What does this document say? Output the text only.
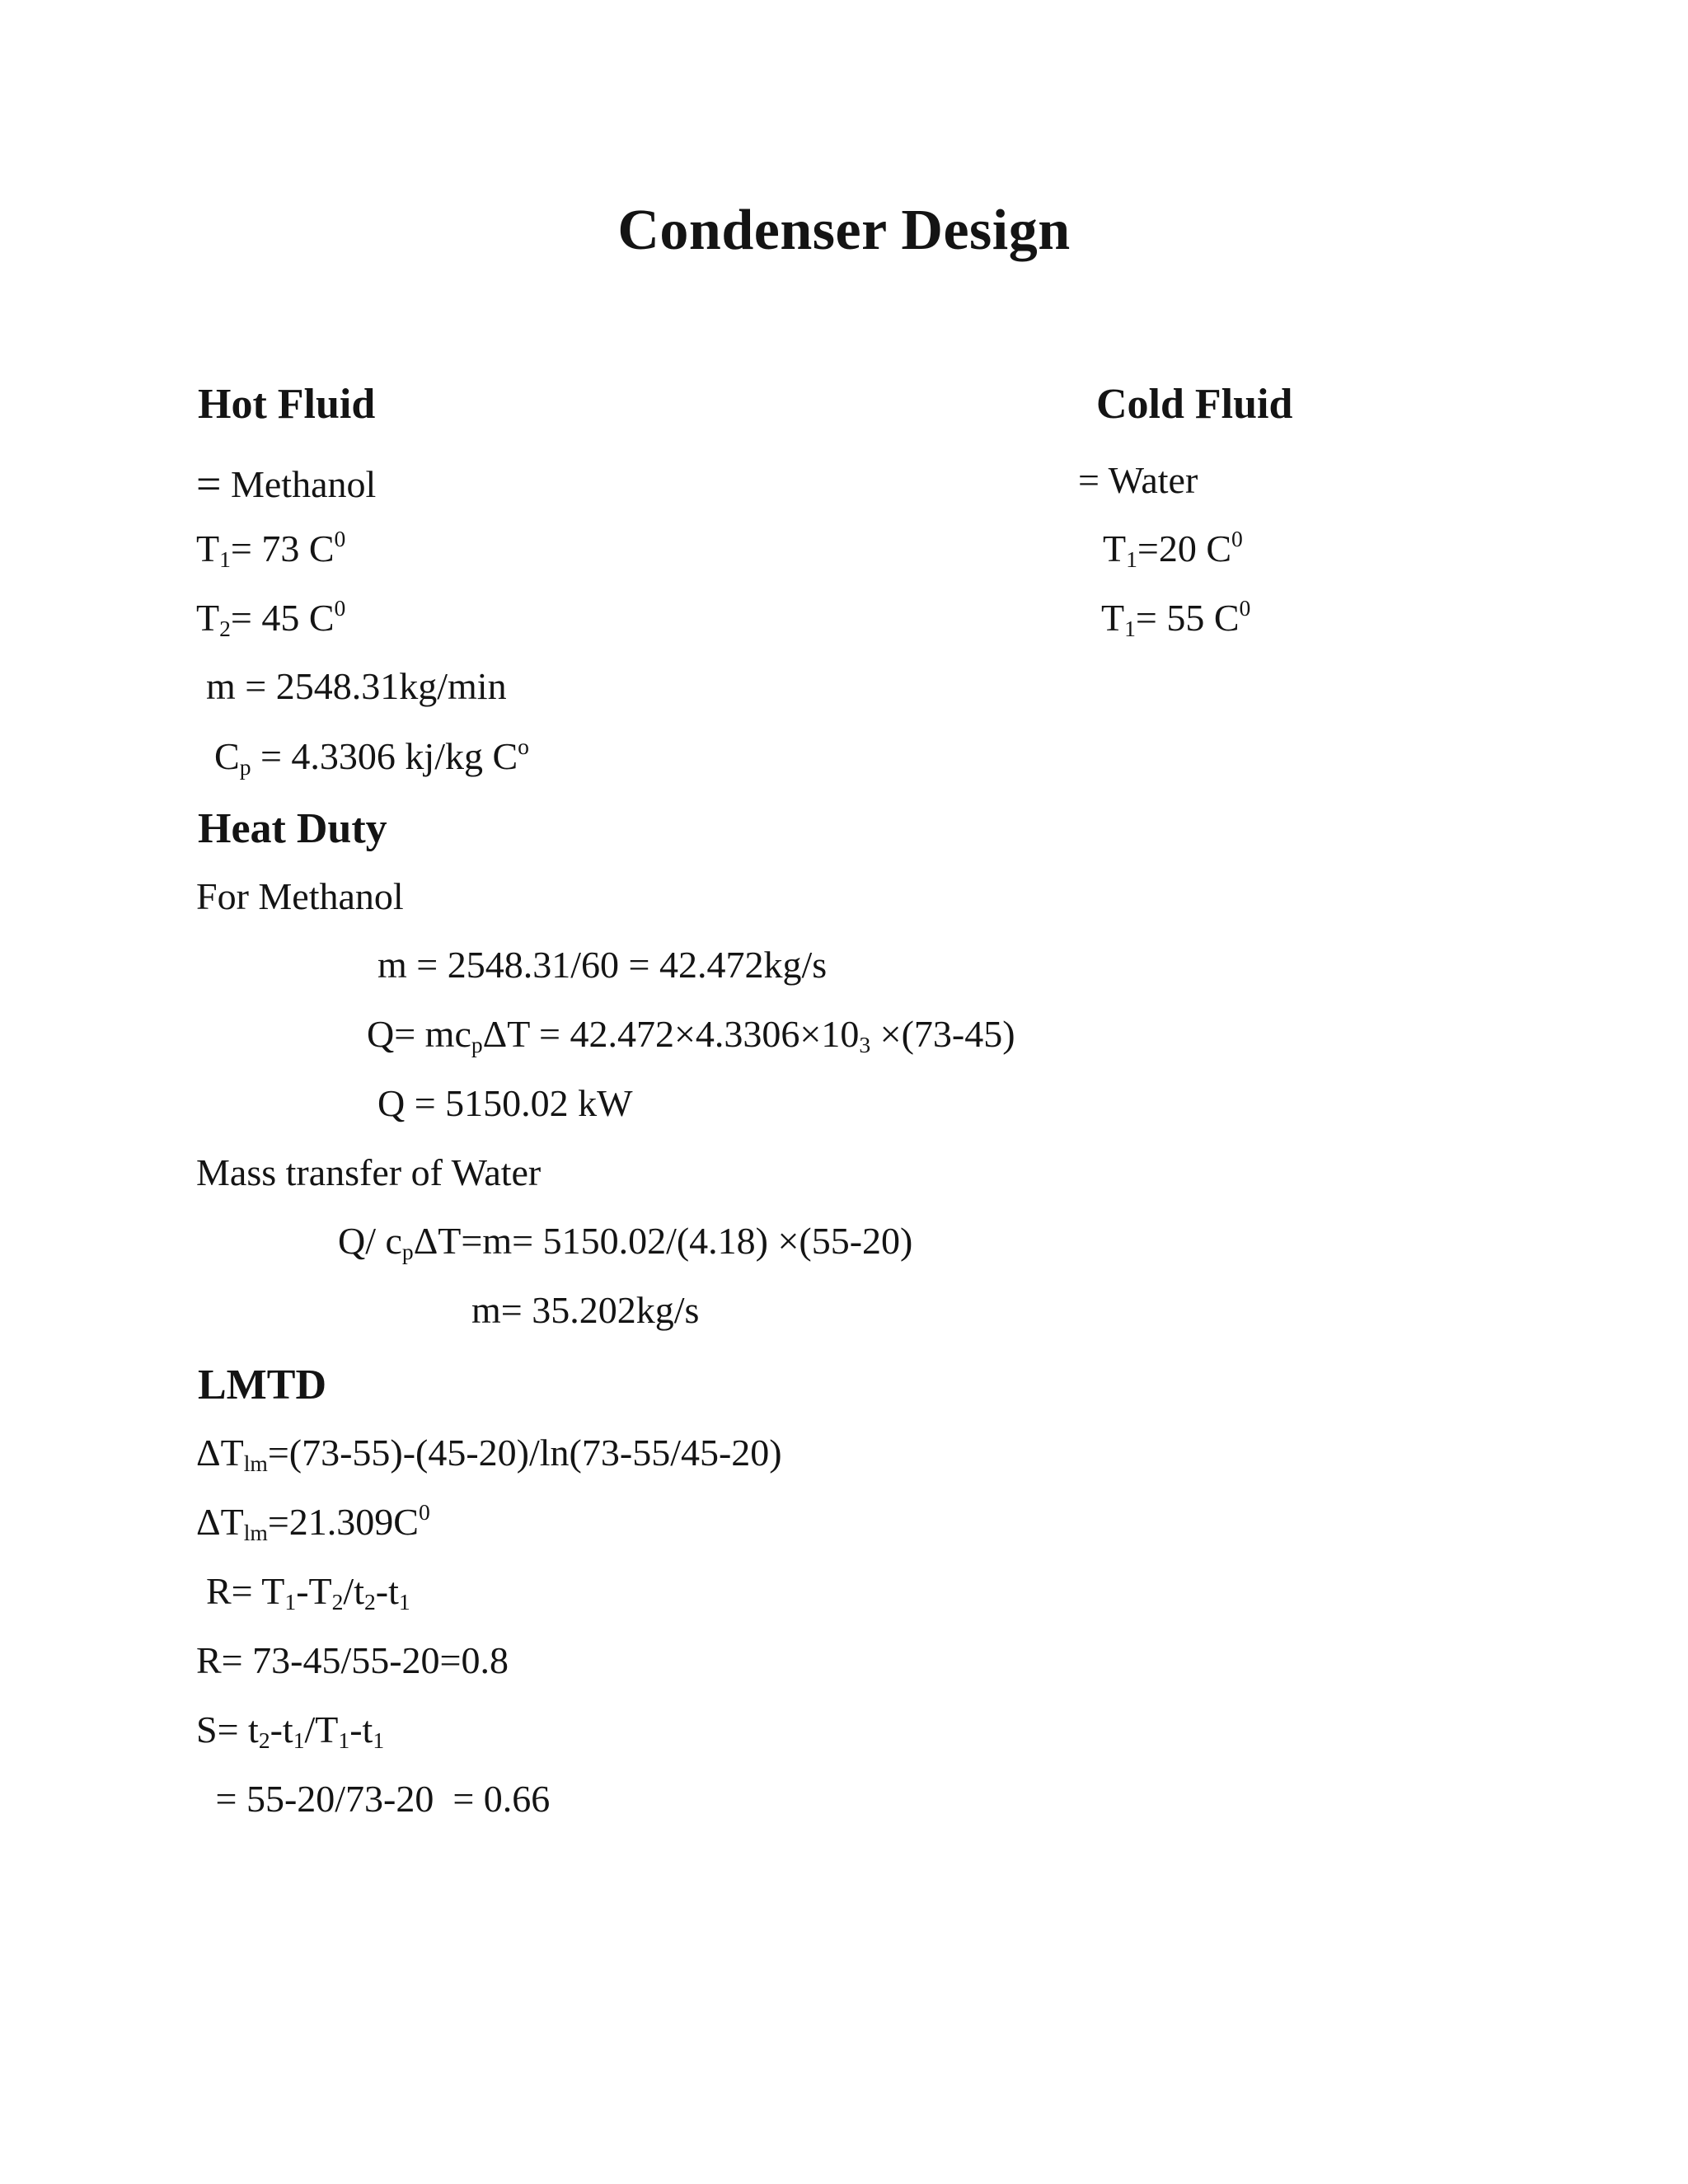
Condenser Design
Hot Fluid
= Methanol
$T_1= 73$ $C^0$
$T_2= 45$ $C^0$
m = 2548.31kg/min
$C_p = 4.3306$ kj/kg $C^o$
Cold Fluid
= Water
$T_1=20$ $C^0$
$T_1= 55$ $C^0$
Heat Duty
For Methanol
m = 2548.31/60 = 42.472kg/s
$Q= mc_p\Delta T = 42.472\times 4.3306\times 10_3 \times(73-45)$
Q = 5150.02 kW
Mass transfer of Water
Q/ $c_p\Delta T=m= 5150.02/(4.18) \times(55-20)$
m= 35.202kg/s
LMTD
$\Delta T_{lm}=(73-55)-(45-20)/\ln(73-55/45-20)$
$\Delta T_{lm}=21.309C^0$
$R= T_1-T_2/t_2-t_1$
R= 73-45/55-20=0.8
$S= t_2-t_1/T_1-t_1$
= 55-20/73-20  = 0.66
